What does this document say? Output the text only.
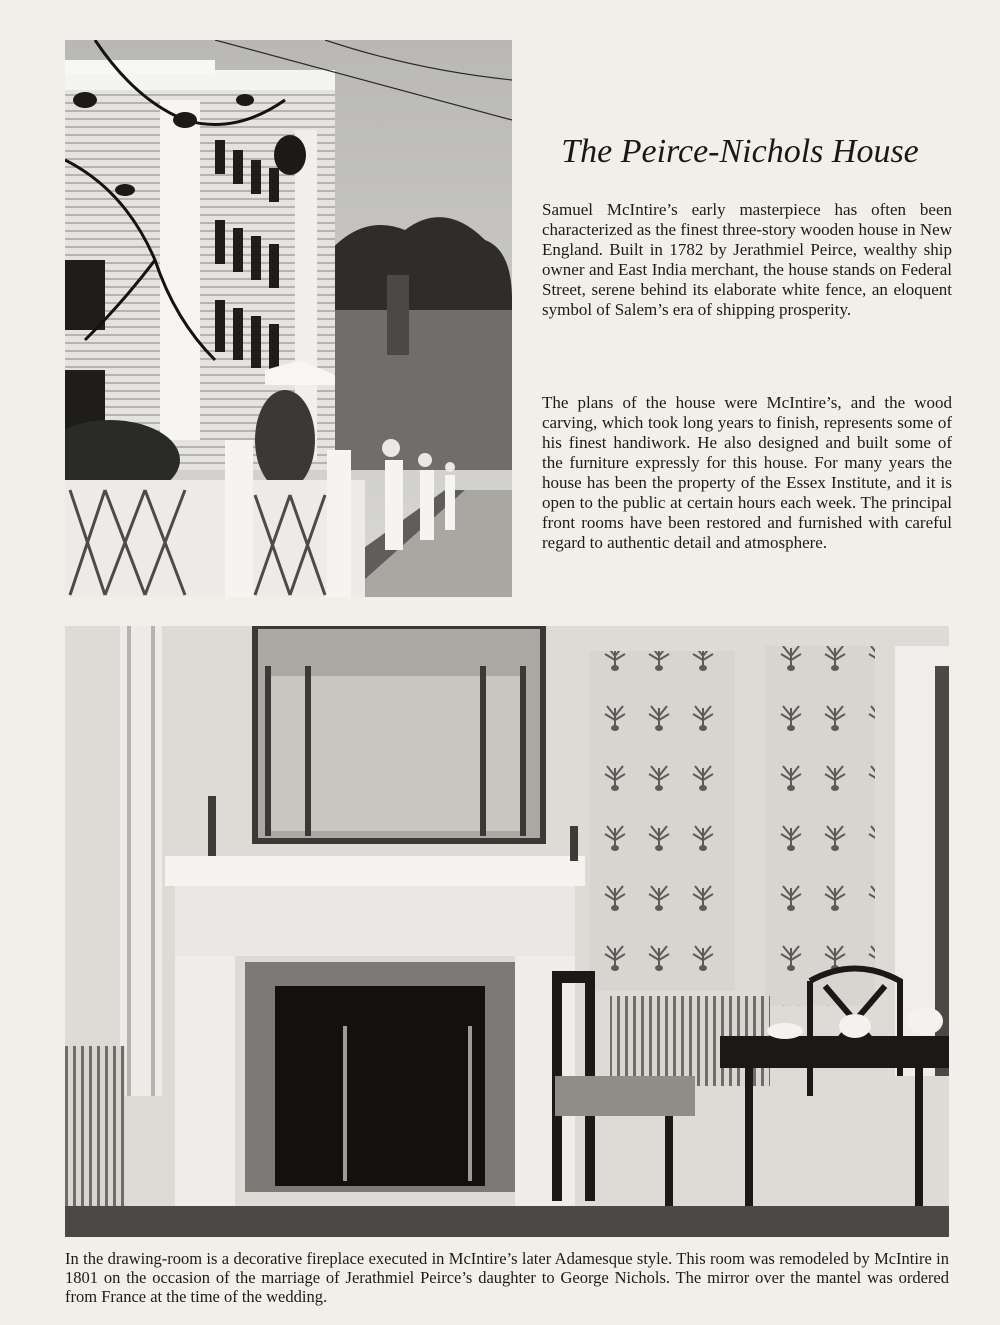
The Peirce-Nichols House

Samuel McIntire’s early masterpiece has often been characterized as the finest three-story wooden house in New England. Built in 1782 by Jerathmiel Peirce, wealthy ship owner and East India merchant, the house stands on Federal Street, serene behind its elaborate white fence, an eloquent symbol of Salem’s era of shipping prosperity.

The plans of the house were McIntire’s, and the wood carving, which took long years to finish, represents some of his finest handiwork. He also designed and built some of the furniture expressly for this house. For many years the house has been the property of the Essex Institute, and it is open to the public at certain hours each week. The principal front rooms have been restored and furnished with careful regard to authentic detail and atmosphere.

In the drawing-room is a decorative fireplace executed in McIntire’s later Adamesque style. This room was remodeled by McIntire in 1801 on the occasion of the marriage of Jerathmiel Peirce’s daughter to George Nichols. The mirror over the mantel was ordered from France at the time of the wedding.
